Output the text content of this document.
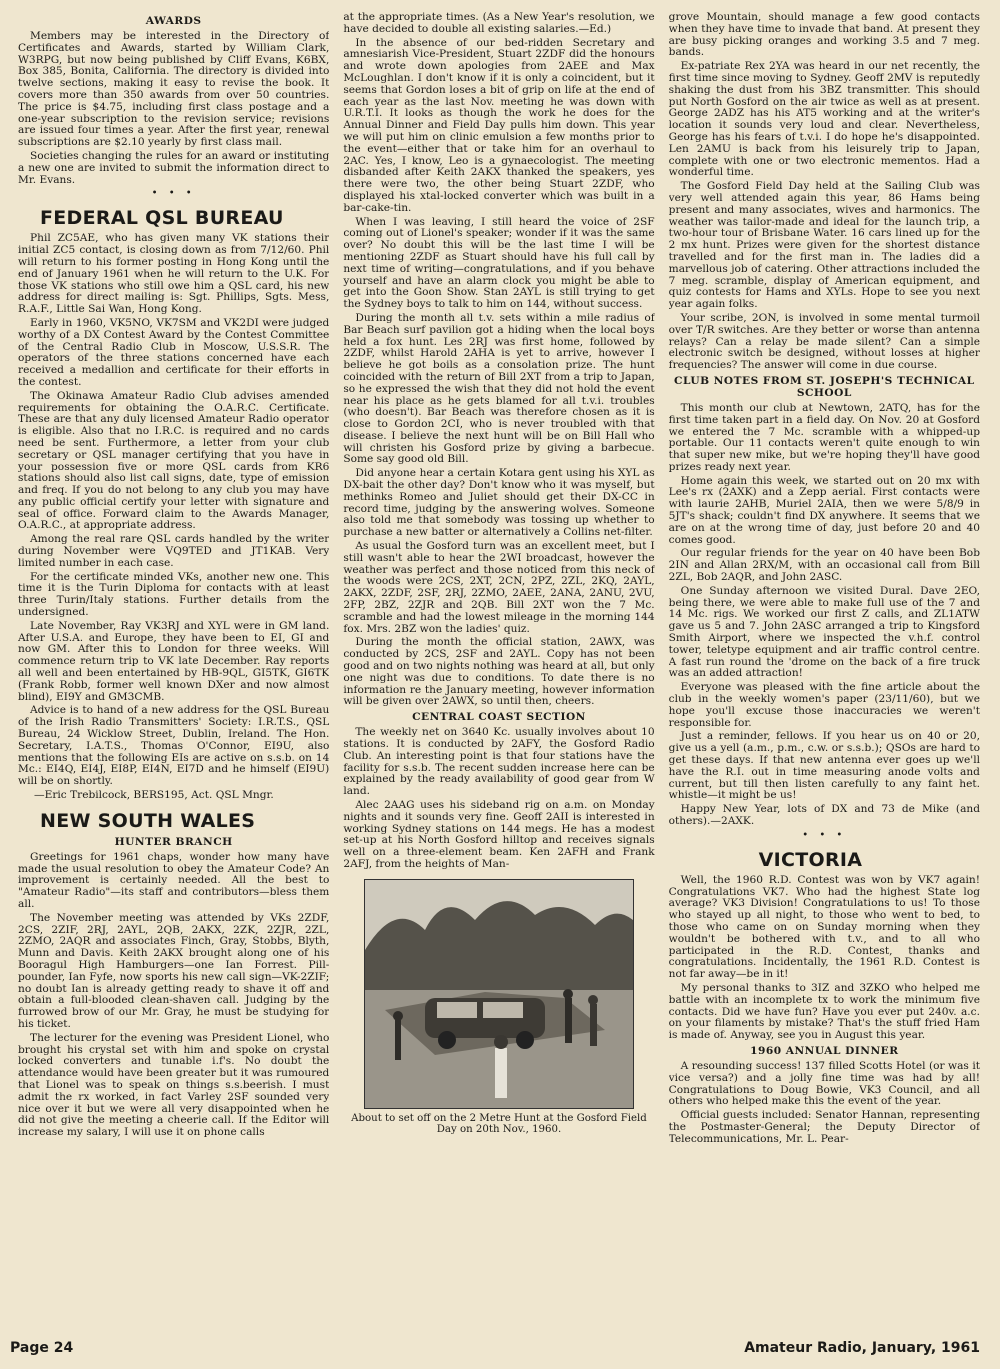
AWARDS

Members may be interested in the Directory of Certificates and Awards, started by William Clark, W3RPG, but now being published by Cliff Evans, K6BX, Box 385, Bonita, California. The directory is divided into twelve sections, making it easy to revise the book. It covers more than 350 awards from over 50 countries. The price is $4.75, including first class postage and a one-year subscription to the revision service; revisions are issued four times a year. After the first year, renewal subscriptions are $2.10 yearly by first class mail.

Societies changing the rules for an award or instituting a new one are invited to submit the information direct to Mr. Evans.

• • •
FEDERAL QSL BUREAU

Phil ZC5AE, who has given many VK stations their initial ZC5 contact, is closing down as from 7/12/60. Phil will return to his former posting in Hong Kong until the end of January 1961 when he will return to the U.K. For those VK stations who still owe him a QSL card, his new address for direct mailing is: Sgt. Phillips, Sgts. Mess, R.A.F., Little Sai Wan, Hong Kong.

Early in 1960, VK5NO, VK7SM and VK2DI were judged worthy of a DX Contest Award by the Contest Committee of the Central Radio Club in Moscow, U.S.S.R. The operators of the three stations concerned have each received a medallion and certificate for their efforts in the contest.

The Okinawa Amateur Radio Club advises amended requirements for obtaining the O.A.R.C. Certificate. These are that any duly licensed Amateur Radio operator is eligible. Also that no I.R.C. is required and no cards need be sent. Furthermore, a letter from your club secretary or QSL manager certifying that you have in your possession five or more QSL cards from KR6 stations should also list call signs, date, type of emission and freq. If you do not belong to any club you may have any public official certify your letter with signature and seal of office. Forward claim to the Awards Manager, O.A.R.C., at appropriate address.

Among the real rare QSL cards handled by the writer during November were VQ9TED and JT1KAB. Very limited number in each case.

For the certificate minded VKs, another new one. This time it is the Turin Diploma for contacts with at least three Turin/Italy stations. Further details from the undersigned.

Late November, Ray VK3RJ and XYL were in GM land. After U.S.A. and Europe, they have been to EI, GI and now GM. After this to London for three weeks. Will commence return trip to VK late December. Ray reports all well and been entertained by HB-9QL, GI5TK, GI6TK (Frank Robb, former well known DXer and now almost blind), EI9Y and GM3CMB.

Advice is to hand of a new address for the QSL Bureau of the Irish Radio Transmitters' Society: I.R.T.S., QSL Bureau, 24 Wicklow Street, Dublin, Ireland. The Hon. Secretary, I.A.T.S., Thomas O'Connor, EI9U, also mentions that the following EIs are active on s.s.b. on 14 Mc.: EI4Q, EI4J, EI8P, EI4N, EI7D and he himself (EI9U) will be on shortly.

—Eric Trebilcock, BERS195, Act. QSL Mngr.
NEW SOUTH WALES
HUNTER BRANCH

Greetings for 1961 chaps, wonder how many have made the usual resolution to obey the Amateur Code? An improvement is certainly needed. All the best to "Amateur Radio"—its staff and contributors—bless them all.

The November meeting was attended by VKs 2ZDF, 2CS, 2ZIF, 2RJ, 2AYL, 2QB, 2AKX, 2ZK, 2ZJR, 2ZL, 2ZMO, 2AQR and associates Finch, Gray, Stobbs, Blyth, Munn and Davis. Keith 2AKX brought along one of his Booragul High Hamburgers—one Ian Forrest. Pill-pounder, Ian Fyfe, now sports his new call sign—VK-2ZIF; no doubt Ian is already getting ready to shave it off and obtain a full-blooded clean-shaven call. Judging by the furrowed brow of our Mr. Gray, he must be studying for his ticket.

The lecturer for the evening was President Lionel, who brought his crystal set with him and spoke on crystal locked converters and tunable i.f's. No doubt the attendance would have been greater but it was rumoured that Lionel was to speak on things s.s.beerish. I must admit the rx worked, in fact Varley 2SF sounded very nice over it but we were all very disappointed when he did not give the meeting a cheerie call. If the Editor will increase my salary, I will use it on phone calls

at the appropriate times. (As a New Year's resolution, we have decided to double all existing salaries.—Ed.)

In the absence of our bed-ridden Secretary and amnesiarish Vice-President, Stuart 2ZDF did the honours and wrote down apologies from 2AEE and Max McLoughlan. I don't know if it is only a coincident, but it seems that Gordon loses a bit of grip on life at the end of each year as the last Nov. meeting he was down with U.R.T.I. It looks as though the work he does for the Annual Dinner and Field Day pulls him down. This year we will put him on clinic emulsion a few months prior to the event—either that or take him for an overhaul to 2AC. Yes, I know, Leo is a gynaecologist. The meeting disbanded after Keith 2AKX thanked the speakers, yes there were two, the other being Stuart 2ZDF, who displayed his xtal-locked converter which was built in a bar-cake-tin.

When I was leaving, I still heard the voice of 2SF coming out of Lionel's speaker; wonder if it was the same over? No doubt this will be the last time I will be mentioning 2ZDF as Stuart should have his full call by next time of writing—congratulations, and if you behave yourself and have an alarm clock you might be able to get into the Goon Show. Stan 2AYL is still trying to get the Sydney boys to talk to him on 144, without success.

During the month all t.v. sets within a mile radius of Bar Beach surf pavilion got a hiding when the local boys held a fox hunt. Les 2RJ was first home, followed by 2ZDF, whilst Harold 2AHA is yet to arrive, however I believe he got boils as a consolation prize. The hunt coincided with the return of Bill 2XT from a trip to Japan, so he expressed the wish that they did not hold the event near his place as he gets blamed for all t.v.i. troubles (who doesn't). Bar Beach was therefore chosen as it is close to Gordon 2CI, who is never troubled with that disease. I believe the next hunt will be on Bill Hall who will christen his Gosford prize by giving a barbecue. Some say good old Bill.

Did anyone hear a certain Kotara gent using his XYL as DX-bait the other day? Don't know who it was myself, but methinks Romeo and Juliet should get their DX-CC in record time, judging by the answering wolves. Someone also told me that somebody was tossing up whether to purchase a new batter or alternatively a Collins net-filter.

As usual the Gosford turn was an excellent meet, but I still wasn't able to hear the 2WI broadcast, however the weather was perfect and those noticed from this neck of the woods were 2CS, 2XT, 2CN, 2PZ, 2ZL, 2KQ, 2AYL, 2AKX, 2ZDF, 2SF, 2RJ, 2ZMO, 2AEE, 2ANA, 2ANU, 2VU, 2FP, 2BZ, 2ZJR and 2QB. Bill 2XT won the 7 Mc. scramble and had the lowest mileage in the morning 144 fox. Mrs. 2BZ won the ladies' quiz.

During the month the official station, 2AWX, was conducted by 2CS, 2SF and 2AYL. Copy has not been good and on two nights nothing was heard at all, but only one night was due to conditions. To date there is no information re the January meeting, however information will be given over 2AWX, so until then, cheers.

CENTRAL COAST SECTION

The weekly net on 3640 Kc. usually involves about 10 stations. It is conducted by 2AFY, the Gosford Radio Club. An interesting point is that four stations have the facility for s.s.b. The recent sudden increase here can be explained by the ready availability of good gear from W land.

Alec 2AAG uses his sideband rig on a.m. on Monday nights and it sounds very fine. Geoff 2AII is interested in working Sydney stations on 144 megs. He has a modest set-up at his North Gosford hilltop and receives signals well on a three-element beam. Ken 2AFH and Frank 2AFJ, from the heights of Man-

About to set off on the 2 Metre Hunt at the Gosford Field Day on 20th Nov., 1960.

grove Mountain, should manage a few good contacts when they have time to invade that band. At present they are busy picking oranges and working 3.5 and 7 meg. bands.

Ex-patriate Rex 2YA was heard in our net recently, the first time since moving to Sydney. Geoff 2MV is reputedly shaking the dust from his 3BZ transmitter. This should put North Gosford on the air twice as well as at present. George 2ADZ has his AT5 working and at the writer's location it sounds very loud and clear. Nevertheless, George has his fears of t.v.i. I do hope he's disappointed. Len 2AMU is back from his leisurely trip to Japan, complete with one or two electronic mementos. Had a wonderful time.

The Gosford Field Day held at the Sailing Club was very well attended again this year, 86 Hams being present and many associates, wives and harmonics. The weather was tailor-made and ideal for the launch trip, a two-hour tour of Brisbane Water. 16 cars lined up for the 2 mx hunt. Prizes were given for the shortest distance travelled and for the first man in. The ladies did a marvellous job of catering. Other attractions included the 7 meg. scramble, display of American equipment, and quiz contests for Hams and XYLs. Hope to see you next year again folks.

Your scribe, 2ON, is involved in some mental turmoil over T/R switches. Are they better or worse than antenna relays? Can a relay be made silent? Can a simple electronic switch be designed, without losses at higher frequencies? The answer will come in due course.

CLUB NOTES FROM ST. JOSEPH'S TECHNICAL SCHOOL

This month our club at Newtown, 2ATQ, has for the first time taken part in a field day. On Nov. 20 at Gosford we entered the 7 Mc. scramble with a whipped-up portable. Our 11 contacts weren't quite enough to win that super new mike, but we're hoping they'll have good prizes ready next year.

Home again this week, we started out on 20 mx with Lee's rx (2AXK) and a Zepp aerial. First contacts were with laurie 2AHB, Muriel 2AIA, then we were 5/8/9 in 5JT's shack; couldn't find DX anywhere. It seems that we are on at the wrong time of day, just before 20 and 40 comes good.

Our regular friends for the year on 40 have been Bob 2IN and Allan 2RX/M, with an occasional call from Bill 2ZL, Bob 2AQR, and John 2ASC.

One Sunday afternoon we visited Dural. Dave 2EO, being there, we were able to make full use of the 7 and 14 Mc. rigs. We worked our first Z calls, and ZL1ATW gave us 5 and 7. John 2ASC arranged a trip to Kingsford Smith Airport, where we inspected the v.h.f. control tower, teletype equipment and air traffic control centre. A fast run round the 'drome on the back of a fire truck was an added attraction!

Everyone was pleased with the fine article about the club in the weekly women's paper (23/11/60), but we hope you'll excuse those inaccuracies we weren't responsible for.

Just a reminder, fellows. If you hear us on 40 or 20, give us a yell (a.m., p.m., c.w. or s.s.b.); QSOs are hard to get these days. If that new antenna ever goes up we'll have the R.I. out in time measuring anode volts and current, but till then listen carefully to any faint het. whistle—it might be us!

Happy New Year, lots of DX and 73 de Mike (and others).—2AXK.

• • •
VICTORIA

Well, the 1960 R.D. Contest was won by VK7 again! Congratulations VK7. Who had the highest State log average? VK3 Division! Congratulations to us! To those who stayed up all night, to those who went to bed, to those who came on on Sunday morning when they wouldn't be bothered with t.v., and to all who participated in the R.D. Contest, thanks and congratulations. Incidentally, the 1961 R.D. Contest is not far away—be in it!

My personal thanks to 3IZ and 3ZKO who helped me battle with an incomplete tx to work the minimum five contacts. Did we have fun? Have you ever put 240v. a.c. on your filaments by mistake? That's the stuff fried Ham is made of. Anyway, see you in August this year.

1960 ANNUAL DINNER

A resounding success! 137 filled Scotts Hotel (or was it vice versa?) and a jolly fine time was had by all! Congratulations to Doug Bowie, VK3 Council, and all others who helped make this the event of the year.

Official guests included: Senator Hannan, representing the Postmaster-General; the Deputy Director of Telecommunications, Mr. L. Pear-

Page 24	Amateur Radio, January, 1961
